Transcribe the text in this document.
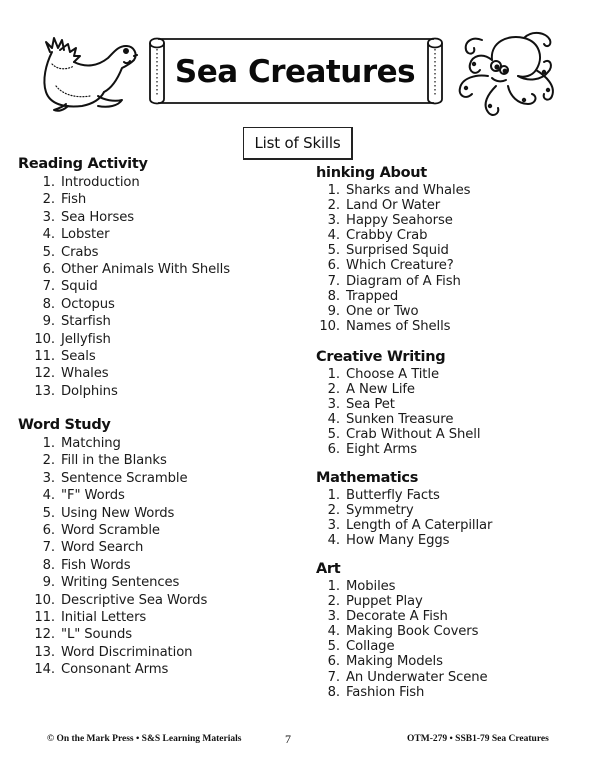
Sea Creatures
List of Skills
Reading Activity
1. Introduction
2. Fish
3. Sea Horses
4. Lobster
5. Crabs
6. Other Animals With Shells
7. Squid
8. Octopus
9. Starfish
10. Jellyfish
11. Seals
12. Whales
13. Dolphins
Word Study
1. Matching
2. Fill in the Blanks
3. Sentence Scramble
4. "F" Words
5. Using New Words
6. Word Scramble
7. Word Search
8. Fish Words
9. Writing Sentences
10. Descriptive Sea Words
11. Initial Letters
12. "L" Sounds
13. Word Discrimination
14. Consonant Arms
hinking About
1. Sharks and Whales
2. Land Or Water
3. Happy Seahorse
4. Crabby Crab
5. Surprised Squid
6. Which Creature?
7. Diagram of A Fish
8. Trapped
9. One or Two
10. Names of Shells
Creative Writing
1. Choose A Title
2. A New Life
3. Sea Pet
4. Sunken Treasure
5. Crab Without A Shell
6. Eight Arms
Mathematics
1. Butterfly Facts
2. Symmetry
3. Length of A Caterpillar
4. How Many Eggs
Art
1. Mobiles
2. Puppet Play
3. Decorate A Fish
4. Making Book Covers
5. Collage
6. Making Models
7. An Underwater Scene
8. Fashion Fish
© On the Mark Press • S&S Learning Materials	7	OTM-279 • SSB1-79 Sea Creatures
